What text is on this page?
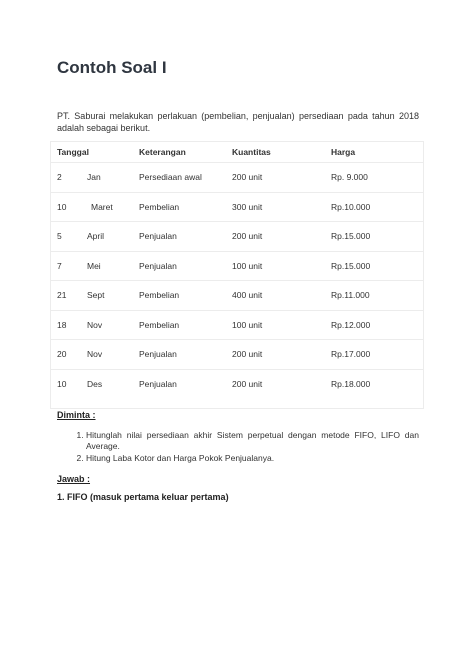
Contoh Soal I
PT. Saburai melakukan perlakuan (pembelian, penjualan) persediaan pada tahun 2018 adalah sebagai berikut.
Tanggal		Keterangan	Kuantitas	Harga
2	Jan	Persediaan awal	200 unit	Rp. 9.000
10	Maret	Pembelian	300 unit	Rp.10.000
5	April	Penjualan	200 unit	Rp.15.000
7	Mei	Penjualan	100 unit	Rp.15.000
21	Sept	Pembelian	400 unit	Rp.11.000
18	Nov	Pembelian	100 unit	Rp.12.000
20	Nov	Penjualan	200 unit	Rp.17.000
10	Des	Penjualan	200 unit	Rp.18.000
Diminta :
1. Hitunglah nilai persediaan akhir Sistem perpetual dengan metode FIFO, LIFO dan Average.
2. Hitung Laba Kotor dan Harga Pokok Penjualanya.
Jawab :
1. FIFO (masuk pertama keluar pertama)
